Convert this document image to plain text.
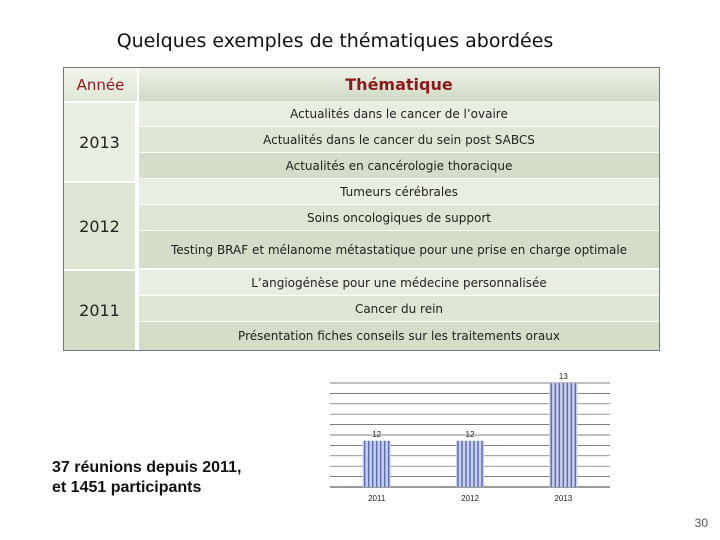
Quelques exemples de thématiques abordées
Année	Thématique
2013
Actualités dans le cancer de l’ovaire
Actualités dans le cancer du sein post SABCS
Actualités en cancérologie thoracique
2012
Tumeurs cérébrales
Soins oncologiques de support
Testing BRAF et mélanome métastatique pour une prise en charge optimale
2011
L’angiogénèse pour une médecine personnalisée
Cancer du rein
Présentation fiches conseils sur les traitements oraux
12
2011
12
2012
13
2013
37 réunions depuis 2011,
et 1451 participants
30
